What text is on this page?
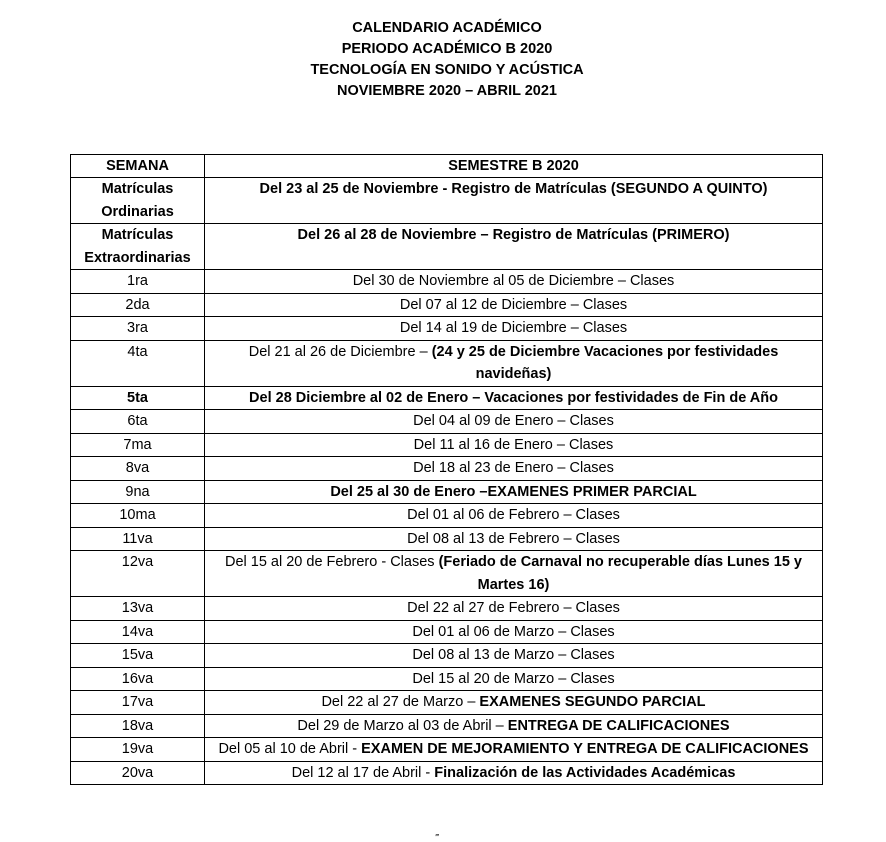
CALENDARIO ACADÉMICO
PERIODO ACADÉMICO B 2020
TECNOLOGÍA EN SONIDO Y ACÚSTICA
NOVIEMBRE 2020 – ABRIL 2021
SEMANA	SEMESTRE B 2020
Matrículas Ordinarias	Del 23 al 25 de Noviembre - Registro de Matrículas (SEGUNDO A QUINTO)
Matrículas Extraordinarias	Del 26 al 28 de Noviembre – Registro de Matrículas (PRIMERO)
1ra	Del 30 de Noviembre al 05 de Diciembre – Clases
2da	Del 07 al 12 de Diciembre – Clases
3ra	Del 14 al 19 de Diciembre – Clases
4ta	Del 21 al 26 de Diciembre – (24 y 25 de Diciembre Vacaciones por festividades navideñas)
5ta	Del 28 Diciembre al 02 de Enero – Vacaciones por festividades de Fin de Año
6ta	Del 04 al 09 de Enero – Clases
7ma	Del 11 al 16 de Enero – Clases
8va	Del 18 al 23 de Enero – Clases
9na	Del 25 al 30 de Enero –EXAMENES PRIMER PARCIAL
10ma	Del 01 al 06 de Febrero – Clases
11va	Del 08 al 13 de Febrero – Clases
12va	Del 15 al 20 de Febrero - Clases (Feriado de Carnaval no recuperable días Lunes 15 y Martes 16)
13va	Del 22 al 27 de Febrero – Clases
14va	Del 01 al 06 de Marzo – Clases
15va	Del 08 al 13 de Marzo – Clases
16va	Del 15 al 20 de Marzo – Clases
17va	Del 22 al 27 de Marzo – EXAMENES SEGUNDO PARCIAL
18va	Del 29 de Marzo al 03 de Abril – ENTREGA DE CALIFICACIONES
19va	Del 05 al 10 de Abril - EXAMEN DE MEJORAMIENTO Y ENTREGA DE CALIFICACIONES
20va	Del 12 al 17 de Abril - Finalización de las Actividades Académicas
‴
